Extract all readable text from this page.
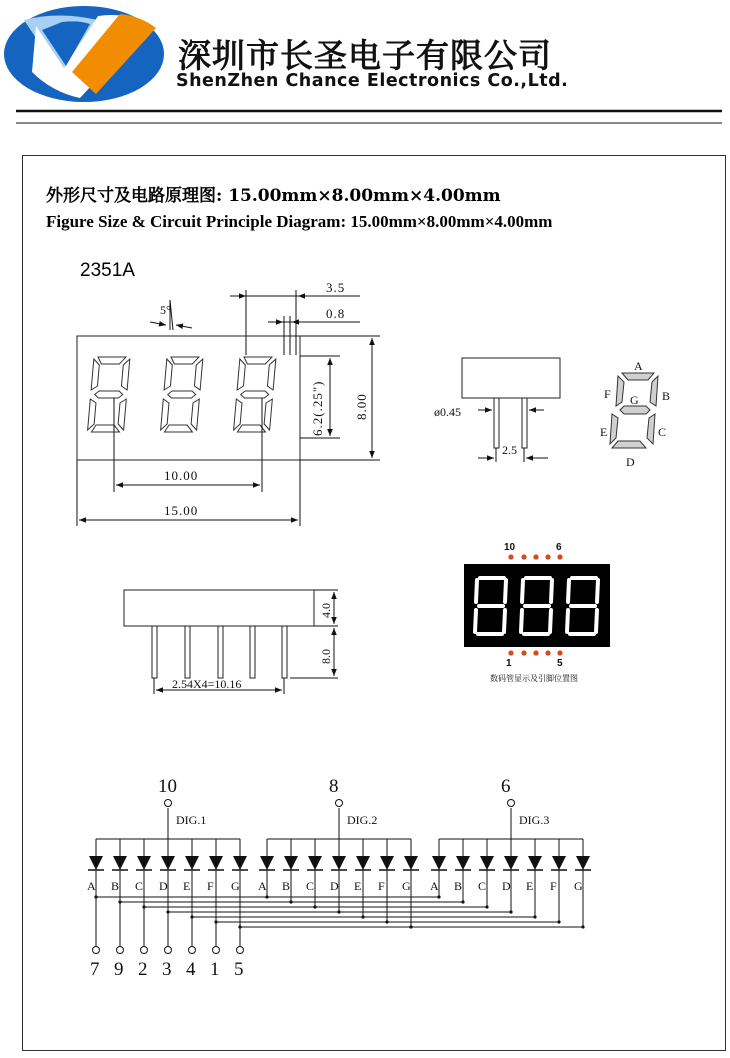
深圳市长圣电子有限公司
ShenZhen Chance Electronics Co.,Ltd.
外形尺寸及电路原理图: 15.00mm×8.00mm×4.00mm
Figure Size & Circuit Principle Diagram: 15.00mm×8.00mm×4.00mm
2351A
5°
3.5
0.8
6.2(.25") 8.00
10.00
15.00
ø0.45
2.5
A
B
C
D
E
F G
4.0
8.0
2.54X4=10.16
10	6
1	5
数码管显示及引脚位置图
10
DIG.1
A B C D E F G
8
DIG.2
A B C D E F G
6
DIG.3
A B C D E F G
7 9 2 3 4 1 5
